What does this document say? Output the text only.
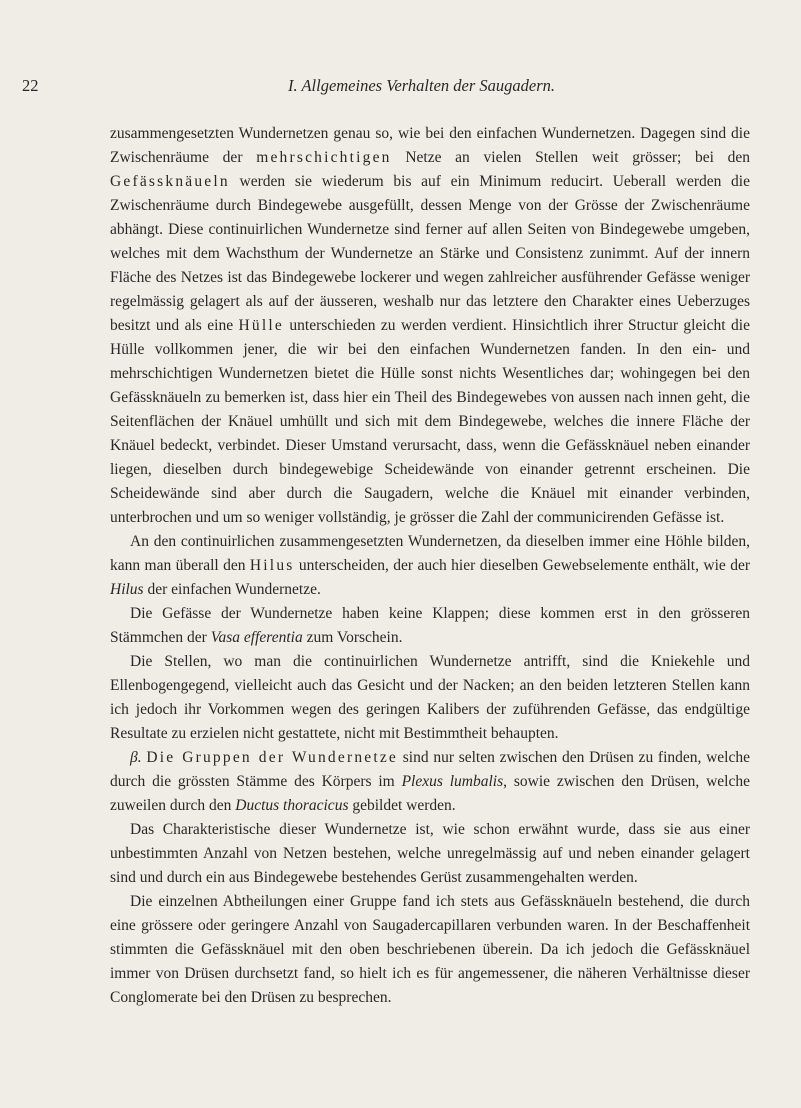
22	I. Allgemeines Verhalten der Saugadern.

zusammengesetzten Wundernetzen genau so, wie bei den einfachen Wundernetzen. Dagegen sind die Zwischenräume der mehrschichtigen Netze an vielen Stellen weit grösser; bei den Gefässknäueln werden sie wiederum bis auf ein Minimum reducirt. Ueberall werden die Zwischenräume durch Bindegewebe ausgefüllt, dessen Menge von der Grösse der Zwischenräume abhängt. Diese continuirlichen Wundernetze sind ferner auf allen Seiten von Bindegewebe umgeben, welches mit dem Wachsthum der Wundernetze an Stärke und Consistenz zunimmt. Auf der innern Fläche des Netzes ist das Bindegewebe lockerer und wegen zahlreicher ausführender Gefässe weniger regelmässig gelagert als auf der äusseren, weshalb nur das letztere den Charakter eines Ueberzuges besitzt und als eine Hülle unterschieden zu werden verdient. Hinsichtlich ihrer Structur gleicht die Hülle vollkommen jener, die wir bei den einfachen Wundernetzen fanden. In den ein- und mehrschichtigen Wundernetzen bietet die Hülle sonst nichts Wesentliches dar; wohingegen bei den Gefässknäueln zu bemerken ist, dass hier ein Theil des Bindegewebes von aussen nach innen geht, die Seitenflächen der Knäuel umhüllt und sich mit dem Bindegewebe, welches die innere Fläche der Knäuel bedeckt, verbindet. Dieser Umstand verursacht, dass, wenn die Gefässknäuel neben einander liegen, dieselben durch bindegewebige Scheidewände von einander getrennt erscheinen. Die Scheidewände sind aber durch die Saugadern, welche die Knäuel mit einander verbinden, unterbrochen und um so weniger vollständig, je grösser die Zahl der communicirenden Gefässe ist.

An den continuirlichen zusammengesetzten Wundernetzen, da dieselben immer eine Höhle bilden, kann man überall den Hilus unterscheiden, der auch hier dieselben Gewebselemente enthält, wie der Hilus der einfachen Wundernetze.

Die Gefässe der Wundernetze haben keine Klappen; diese kommen erst in den grösseren Stämmchen der Vasa efferentia zum Vorschein.

Die Stellen, wo man die continuirlichen Wundernetze antrifft, sind die Kniekehle und Ellenbogengegend, vielleicht auch das Gesicht und der Nacken; an den beiden letzteren Stellen kann ich jedoch ihr Vorkommen wegen des geringen Kalibers der zuführenden Gefässe, das endgültige Resultate zu erzielen nicht gestattete, nicht mit Bestimmtheit behaupten.

β. Die Gruppen der Wundernetze sind nur selten zwischen den Drüsen zu finden, welche durch die grössten Stämme des Körpers im Plexus lumbalis, sowie zwischen den Drüsen, welche zuweilen durch den Ductus thoracicus gebildet werden.

Das Charakteristische dieser Wundernetze ist, wie schon erwähnt wurde, dass sie aus einer unbestimmten Anzahl von Netzen bestehen, welche unregelmässig auf und neben einander gelagert sind und durch ein aus Bindegewebe bestehendes Gerüst zusammengehalten werden.

Die einzelnen Abtheilungen einer Gruppe fand ich stets aus Gefässknäueln bestehend, die durch eine grössere oder geringere Anzahl von Saugadercapillaren verbunden waren. In der Beschaffenheit stimmten die Gefässknäuel mit den oben beschriebenen überein. Da ich jedoch die Gefässknäuel immer von Drüsen durchsetzt fand, so hielt ich es für angemessener, die näheren Verhältnisse dieser Conglomerate bei den Drüsen zu besprechen.
